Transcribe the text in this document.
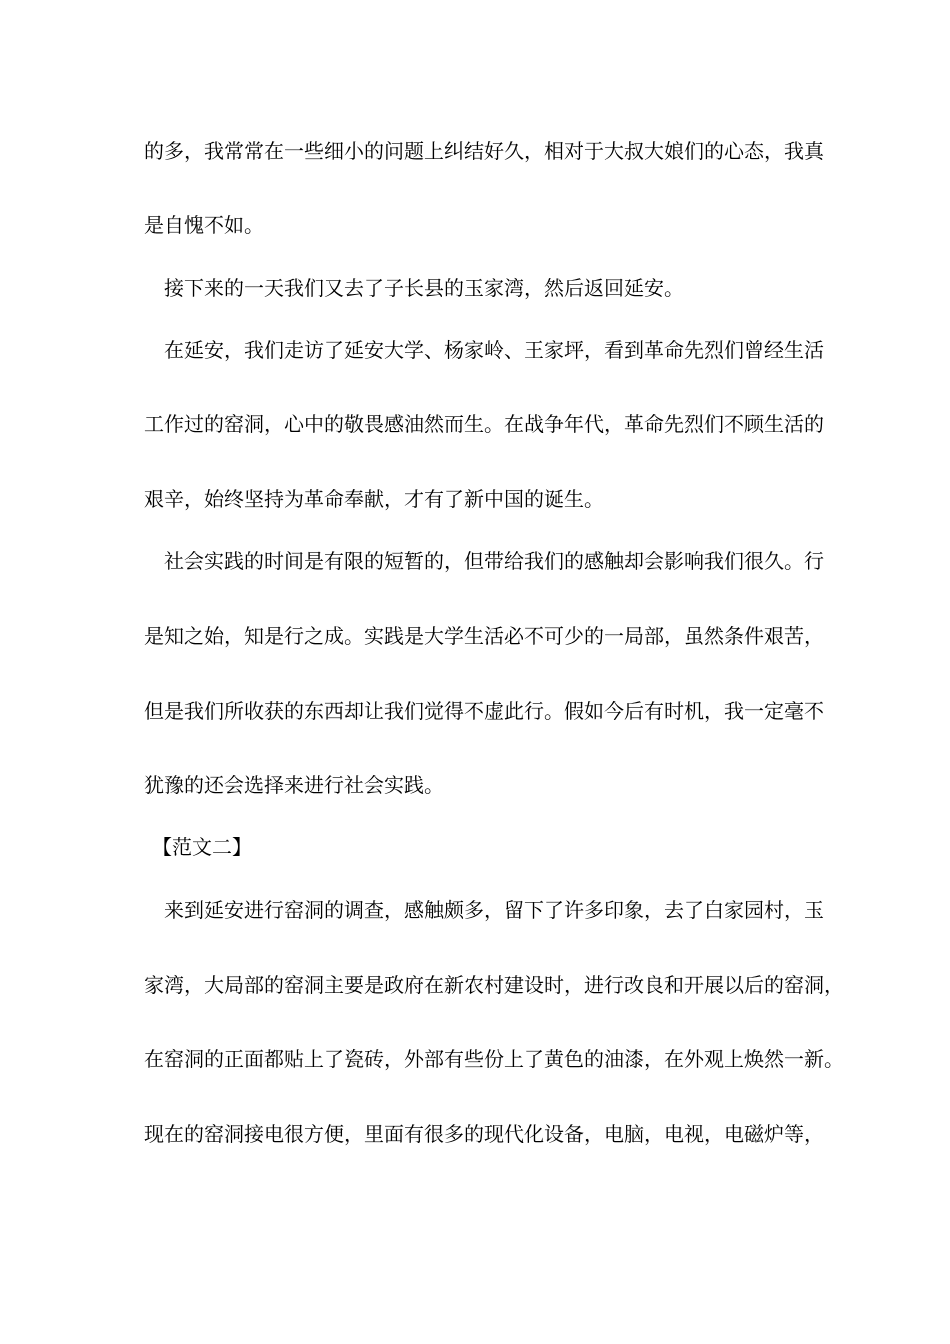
的多，我常常在一些细小的问题上纠结好久，相对于大叔大娘们的心态，我真
是自愧不如。
接下来的一天我们又去了子长县的玉家湾，然后返回延安。
在延安，我们走访了延安大学、杨家岭、王家坪，看到革命先烈们曾经生活
工作过的窑洞，心中的敬畏感油然而生。在战争年代，革命先烈们不顾生活的
艰辛，始终坚持为革命奉献，才有了新中国的诞生。
社会实践的时间是有限的短暂的，但带给我们的感触却会影响我们很久。行
是知之始，知是行之成。实践是大学生活必不可少的一局部，虽然条件艰苦，
但是我们所收获的东西却让我们觉得不虚此行。假如今后有时机，我一定毫不
犹豫的还会选择来进行社会实践。
【范文二】
来到延安进行窑洞的调查，感触颇多，留下了许多印象，去了白家园村，玉
家湾，大局部的窑洞主要是政府在新农村建设时，进行改良和开展以后的窑洞，
在窑洞的正面都贴上了瓷砖，外部有些份上了黄色的油漆，在外观上焕然一新。
现在的窑洞接电很方便，里面有很多的现代化设备，电脑，电视，电磁炉等，
